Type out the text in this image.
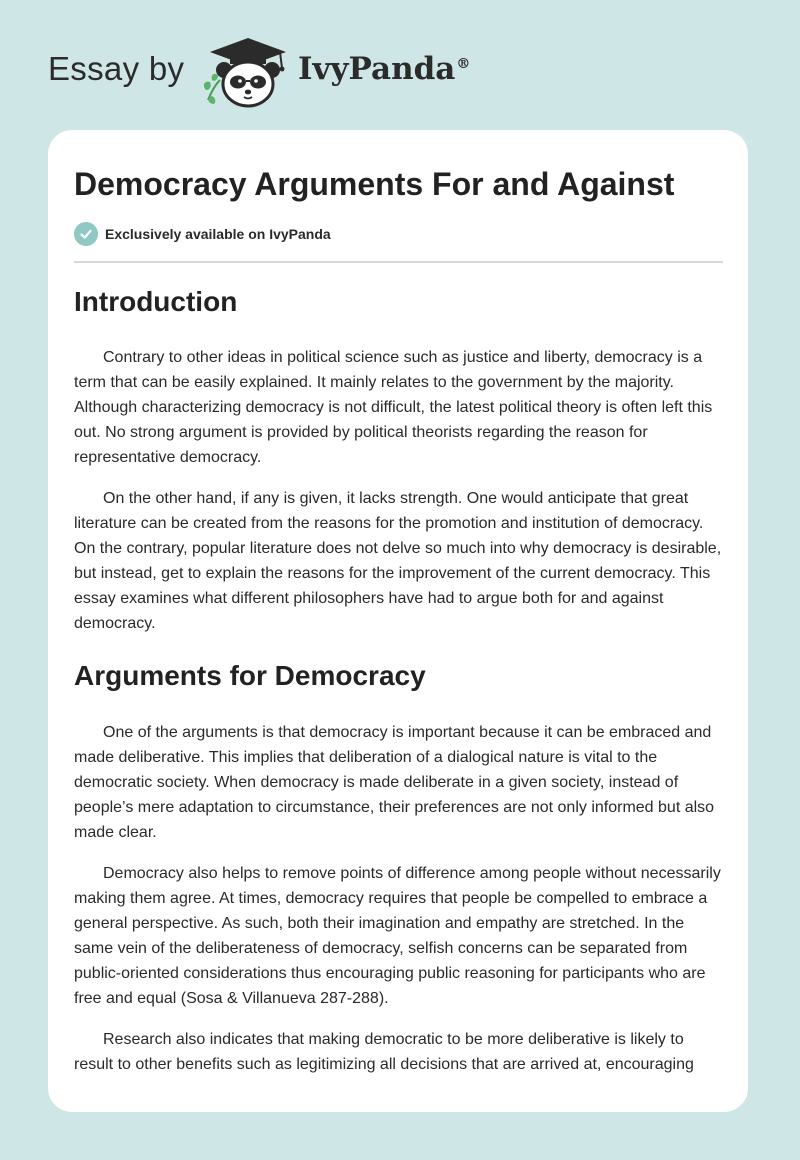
Essay by	IvyPanda®
Democracy Arguments For and Against
Exclusively available on IvyPanda
Introduction

Contrary to other ideas in political science such as justice and liberty, democracy is a term that can be easily explained. It mainly relates to the government by the majority. Although characterizing democracy is not difficult, the latest political theory is often left this out. No strong argument is provided by political theorists regarding the reason for representative democracy.

On the other hand, if any is given, it lacks strength. One would anticipate that great literature can be created from the reasons for the promotion and institution of democracy. On the contrary, popular literature does not delve so much into why democracy is desirable, but instead, get to explain the reasons for the improvement of the current democracy. This essay examines what different philosophers have had to argue both for and against democracy.

Arguments for Democracy

One of the arguments is that democracy is important because it can be embraced and made deliberative. This implies that deliberation of a dialogical nature is vital to the democratic society. When democracy is made deliberate in a given society, instead of people’s mere adaptation to circumstance, their preferences are not only informed but also made clear.

Democracy also helps to remove points of difference among people without necessarily making them agree. At times, democracy requires that people be compelled to embrace a general perspective. As such, both their imagination and empathy are stretched. In the same vein of the deliberateness of democracy, selfish concerns can be separated from public-oriented considerations thus encouraging public reasoning for participants who are free and equal (Sosa & Villanueva 287-288).

Research also indicates that making democratic to be more deliberative is likely to result to other benefits such as legitimizing all decisions that are arrived at, encouraging
